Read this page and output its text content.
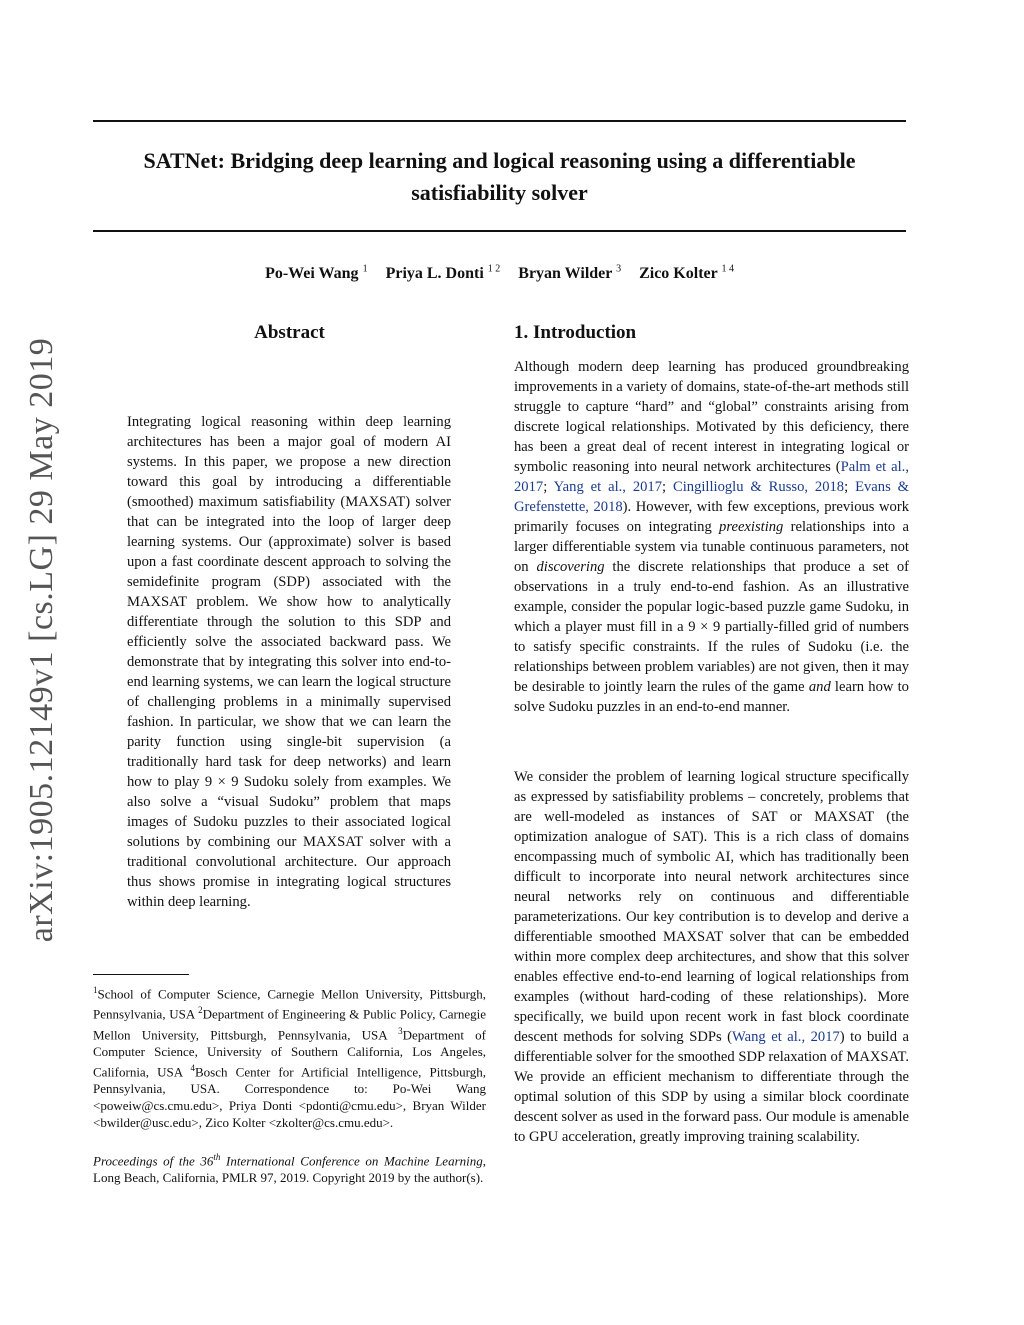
SATNet: Bridging deep learning and logical reasoning using a differentiable satisfiability solver
Po-Wei Wang $^1$ Priya L. Donti $^{1 2}$ Bryan Wilder $^3$ Zico Kolter $^{1 4}$
arXiv:1905.12149v1 [cs.LG] 29 May 2019
Abstract

Integrating logical reasoning within deep learning architectures has been a major goal of modern AI systems. In this paper, we propose a new direction toward this goal by introducing a differentiable (smoothed) maximum satisfiability (MAXSAT) solver that can be integrated into the loop of larger deep learning systems. Our (approximate) solver is based upon a fast coordinate descent approach to solving the semidefinite program (SDP) associated with the MAXSAT problem. We show how to analytically differentiate through the solution to this SDP and efficiently solve the associated backward pass. We demonstrate that by integrating this solver into end-to-end learning systems, we can learn the logical structure of challenging problems in a minimally supervised fashion. In particular, we show that we can learn the parity function using single-bit supervision (a traditionally hard task for deep networks) and learn how to play 9 × 9 Sudoku solely from examples. We also solve a “visual Sudoku” problem that maps images of Sudoku puzzles to their associated logical solutions by combining our MAXSAT solver with a traditional convolutional architecture. Our approach thus shows promise in integrating logical structures within deep learning.

$^1$School of Computer Science, Carnegie Mellon University, Pittsburgh, Pennsylvania, USA $^2$Department of Engineering & Public Policy, Carnegie Mellon University, Pittsburgh, Pennsylvania, USA $^3$Department of Computer Science, University of Southern California, Los Angeles, California, USA $^4$Bosch Center for Artificial Intelligence, Pittsburgh, Pennsylvania, USA. Correspondence to: Po-Wei Wang <poweiw@cs.cmu.edu>, Priya Donti <pdonti@cmu.edu>, Bryan Wilder <bwilder@usc.edu>, Zico Kolter <zkolter@cs.cmu.edu>.
Proceedings of the 36th International Conference on Machine Learning, Long Beach, California, PMLR 97, 2019. Copyright 2019 by the author(s).
1. Introduction

Although modern deep learning has produced groundbreaking improvements in a variety of domains, state-of-the-art methods still struggle to capture “hard” and “global” constraints arising from discrete logical relationships. Motivated by this deficiency, there has been a great deal of recent interest in integrating logical or symbolic reasoning into neural network architectures (Palm et al., 2017; Yang et al., 2017; Cingillioglu & Russo, 2018; Evans & Grefenstette, 2018). However, with few exceptions, previous work primarily focuses on integrating preexisting relationships into a larger differentiable system via tunable continuous parameters, not on discovering the discrete relationships that produce a set of observations in a truly end-to-end fashion. As an illustrative example, consider the popular logic-based puzzle game Sudoku, in which a player must fill in a 9 × 9 partially-filled grid of numbers to satisfy specific constraints. If the rules of Sudoku (i.e. the relationships between problem variables) are not given, then it may be desirable to jointly learn the rules of the game and learn how to solve Sudoku puzzles in an end-to-end manner.

We consider the problem of learning logical structure specifically as expressed by satisfiability problems – concretely, problems that are well-modeled as instances of SAT or MAXSAT (the optimization analogue of SAT). This is a rich class of domains encompassing much of symbolic AI, which has traditionally been difficult to incorporate into neural network architectures since neural networks rely on continuous and differentiable parameterizations. Our key contribution is to develop and derive a differentiable smoothed MAXSAT solver that can be embedded within more complex deep architectures, and show that this solver enables effective end-to-end learning of logical relationships from examples (without hard-coding of these relationships). More specifically, we build upon recent work in fast block coordinate descent methods for solving SDPs (Wang et al., 2017) to build a differentiable solver for the smoothed SDP relaxation of MAXSAT. We provide an efficient mechanism to differentiate through the optimal solution of this SDP by using a similar block coordinate descent solver as used in the forward pass. Our module is amenable to GPU acceleration, greatly improving training scalability.
